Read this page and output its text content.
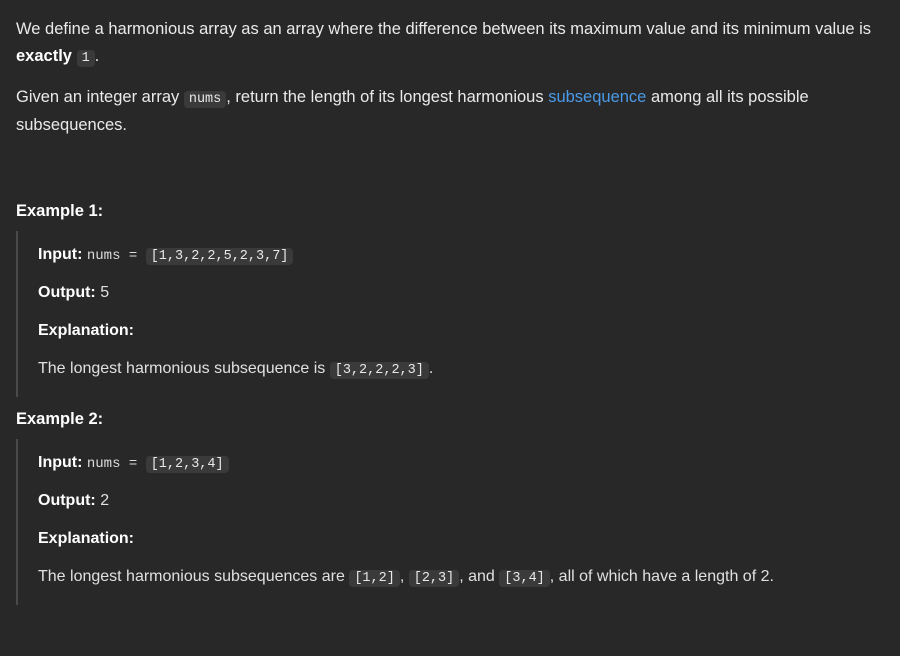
We define a harmonious array as an array where the difference between its maximum value and its minimum value is exactly 1 .

Given an integer array nums , return the length of its longest harmonious subsequence among all its possible subsequences.

Example 1:

Input: nums = [1,3,2,2,5,2,3,7]

Output: 5

Explanation:

The longest harmonious subsequence is [3,2,2,2,3] .

Example 2:

Input: nums = [1,2,3,4]

Output: 2

Explanation:

The longest harmonious subsequences are [1,2] , [2,3] , and [3,4] , all of which have a length of 2.
